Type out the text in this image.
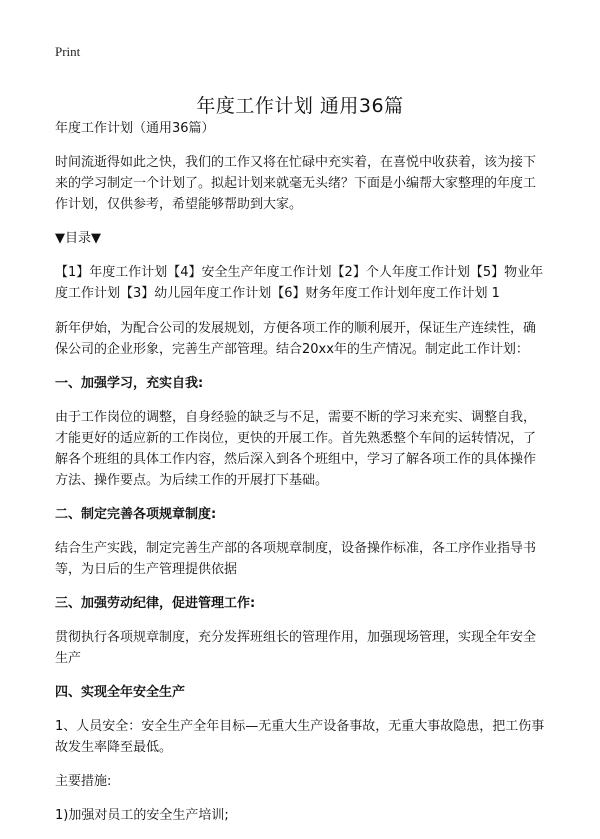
Print
年度工作计划 通用36篇

年度工作计划（通用36篇）

时间流逝得如此之快，我们的工作又将在忙碌中充实着，在喜悦中收获着，该为接下来的学习制定一个计划了。拟起计划来就毫无头绪？下面是小编帮大家整理的年度工作计划，仅供参考，希望能够帮助到大家。

▼目录▼

【1】年度工作计划【4】安全生产年度工作计划【2】个人年度工作计划【5】物业年度工作计划【3】幼儿园年度工作计划【6】财务年度工作计划年度工作计划 1

新年伊始，为配合公司的发展规划，方便各项工作的顺利展开，保证生产连续性，确保公司的企业形象，完善生产部管理。结合20xx年的生产情况。制定此工作计划：

一、加强学习，充实自我:

由于工作岗位的调整，自身经验的缺乏与不足，需要不断的学习来充实、调整自我，才能更好的适应新的工作岗位，更快的开展工作。首先熟悉整个车间的运转情况，了解各个班组的具体工作内容，然后深入到各个班组中，学习了解各项工作的具体操作方法、操作要点。为后续工作的开展打下基础。

二、制定完善各项规章制度:

结合生产实践，制定完善生产部的各项规章制度，设备操作标准，各工序作业指导书等，为日后的生产管理提供依据

三、加强劳动纪律，促进管理工作:

贯彻执行各项规章制度，充分发挥班组长的管理作用，加强现场管理，实现全年安全生产

四、实现全年安全生产

1、人员安全：安全生产全年目标—无重大生产设备事故，无重大事故隐患，把工伤事故发生率降至最低。

主要措施:

1)加强对员工的安全生产培训;
